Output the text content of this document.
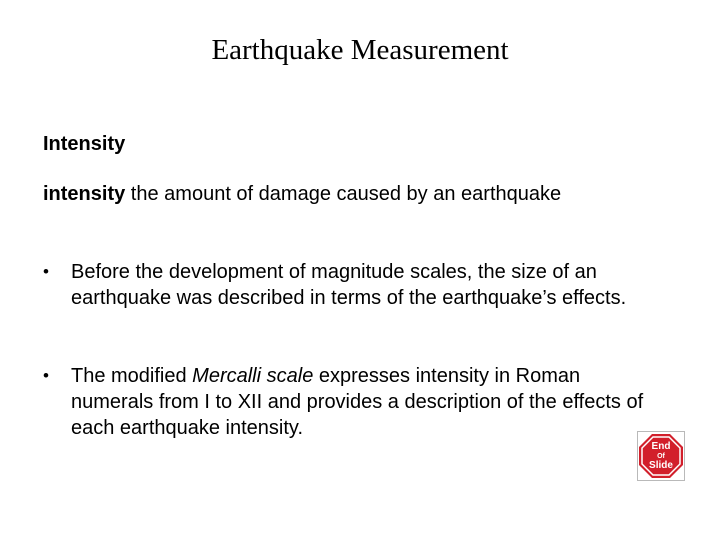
Earthquake Measurement
Intensity
intensity the amount of damage caused by an earthquake
• Before the development of magnitude scales, the size of an earthquake was described in terms of the earthquake’s effects.
• The modified Mercalli scale expresses intensity in Roman numerals from I to XII and provides a description of the effects of each earthquake intensity.
End
Of
Slide
